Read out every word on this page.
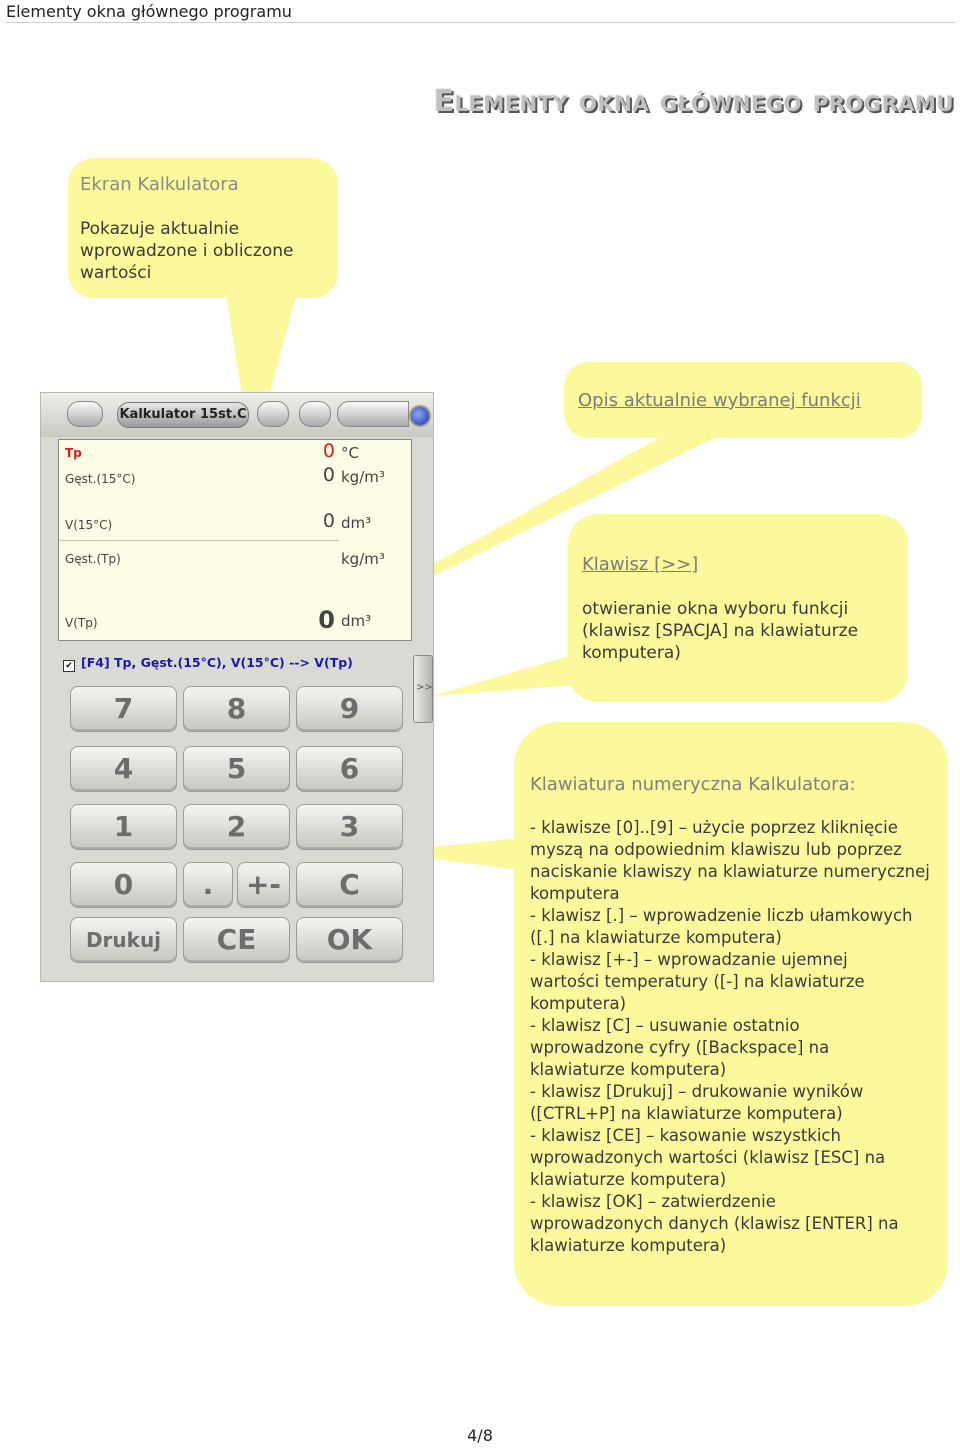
Elementy okna głównego programu
Elementy okna głównego programu
Kalkulator 15st.C
Tp	0 °C
Gęst.(15°C)	0 kg/m³
V(15°C)	0 dm³
Gęst.(Tp)	kg/m³
V(Tp)	0 dm³
✔ [F4] Tp, Gęst.(15°C), V(15°C) --> V(Tp)
>>
7	8	9
4	5	6
1	2	3
0	.	+-	C
Drukuj	CE	OK
Ekran Kalkulatora
Pokazuje aktualnie
wprowadzone i obliczone
wartości
Opis aktualnie wybranej funkcji
Klawisz [>>]
otwieranie okna wyboru funkcji
(klawisz [SPACJA] na klawiaturze
komputera)
Klawiatura numeryczna Kalkulatora:
- klawisze [0]..[9] – użycie poprzez kliknięcie
myszą na odpowiednim klawiszu lub poprzez
naciskanie klawiszy na klawiaturze numerycznej
komputera
- klawisz [.] – wprowadzenie liczb ułamkowych
([.] na klawiaturze komputera)
- klawisz [+-] – wprowadzanie ujemnej
wartości temperatury ([-] na klawiaturze
komputera)
- klawisz [C] – usuwanie ostatnio
wprowadzone cyfry ([Backspace] na
klawiaturze komputera)
- klawisz [Drukuj] – drukowanie wyników
([CTRL+P] na klawiaturze komputera)
- klawisz [CE] – kasowanie wszystkich
wprowadzonych wartości (klawisz [ESC] na
klawiaturze komputera)
- klawisz [OK] – zatwierdzenie
wprowadzonych danych (klawisz [ENTER] na
klawiaturze komputera)
4/8
